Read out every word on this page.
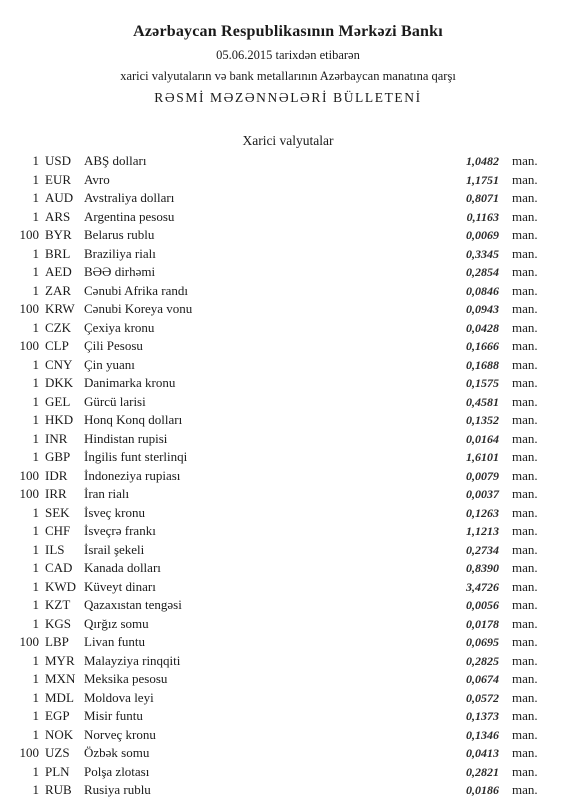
Azərbaycan Respublikasının Mərkəzi Bankı
05.06.2015 tarixdən etibarən
xarici valyutaların və bank metallarının Azərbaycan manatına qarşı
RƏSMİ MƏZƏNNƏLƏRİ BÜLLETENİ
Xarici valyutalar
1 USD ABŞ dolları	1,0482 man.
1 EUR Avro	1,1751 man.
1 AUD Avstraliya dolları	0,8071 man.
1 ARS Argentina pesosu	0,1163 man.
100 BYR Belarus rublu	0,0069 man.
1 BRL Braziliya rialı	0,3345 man.
1 AED BƏƏ dirhəmi	0,2854 man.
1 ZAR Cənubi Afrika randı	0,0846 man.
100 KRW Cənubi Koreya vonu	0,0943 man.
1 CZK Çexiya kronu	0,0428 man.
100 CLP Çili Pesosu	0,1666 man.
1 CNY Çin yuanı	0,1688 man.
1 DKK Danimarka kronu	0,1575 man.
1 GEL Gürcü larisi	0,4581 man.
1 HKD Honq Konq dolları	0,1352 man.
1 INR Hindistan rupisi	0,0164 man.
1 GBP İngilis funt sterlinqi	1,6101 man.
100 IDR İndoneziya rupiası	0,0079 man.
100 IRR İran rialı	0,0037 man.
1 SEK İsveç kronu	0,1263 man.
1 CHF İsveçrə frankı	1,1213 man.
1 ILS İsrail şekeli	0,2734 man.
1 CAD Kanada dolları	0,8390 man.
1 KWD Küveyt dinarı	3,4726 man.
1 KZT Qazaxıstan tengəsi	0,0056 man.
1 KGS Qırğız somu	0,0178 man.
100 LBP Livan funtu	0,0695 man.
1 MYR Malayziya rinqqiti	0,2825 man.
1 MXN Meksika pesosu	0,0674 man.
1 MDL Moldova leyi	0,0572 man.
1 EGP Misir funtu	0,1373 man.
1 NOK Norveç kronu	0,1346 man.
100 UZS Özbək somu	0,0413 man.
1 PLN Polşa zlotası	0,2821 man.
1 RUB Rusiya rublu	0,0186 man.
